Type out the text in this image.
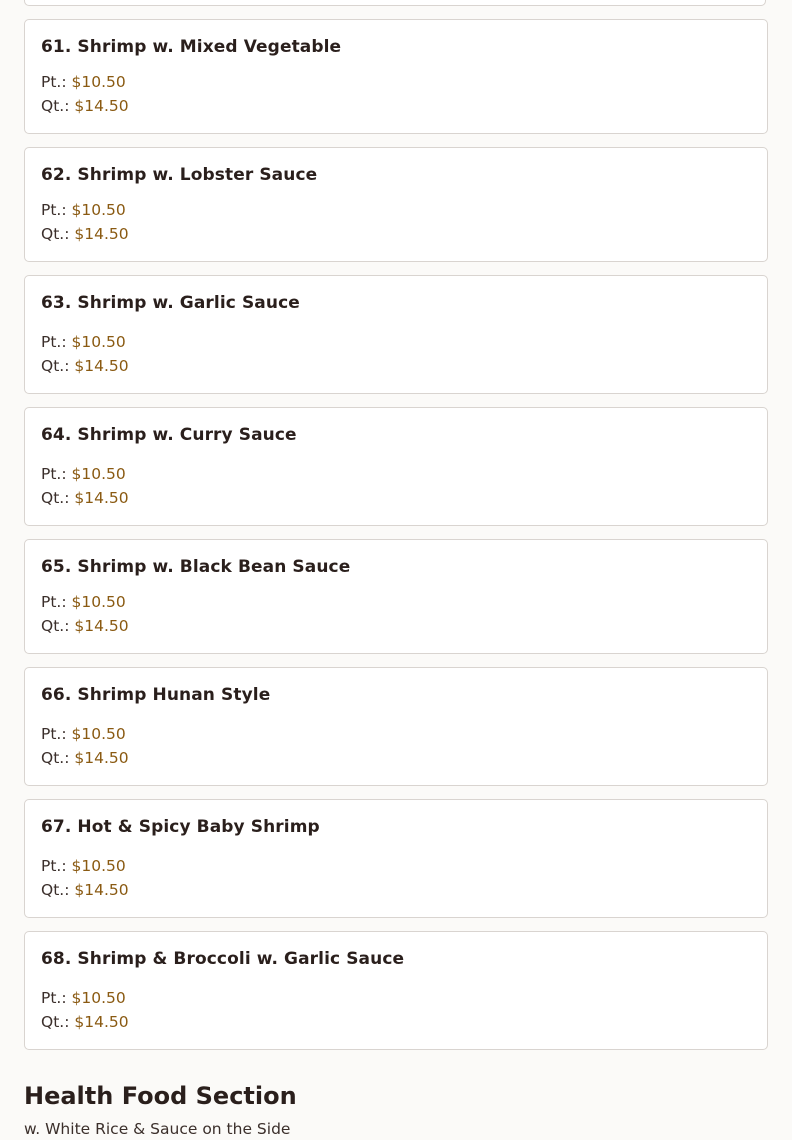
61. Shrimp w. Mixed Vegetable
Pt.: $10.50
Qt.: $14.50
62. Shrimp w. Lobster Sauce
Pt.: $10.50
Qt.: $14.50
63. Shrimp w. Garlic Sauce
Pt.: $10.50
Qt.: $14.50
64. Shrimp w. Curry Sauce
Pt.: $10.50
Qt.: $14.50
65. Shrimp w. Black Bean Sauce
Pt.: $10.50
Qt.: $14.50
66. Shrimp Hunan Style
Pt.: $10.50
Qt.: $14.50
67. Hot & Spicy Baby Shrimp
Pt.: $10.50
Qt.: $14.50
68. Shrimp & Broccoli w. Garlic Sauce
Pt.: $10.50
Qt.: $14.50
Health Food Section
w. White Rice & Sauce on the Side
